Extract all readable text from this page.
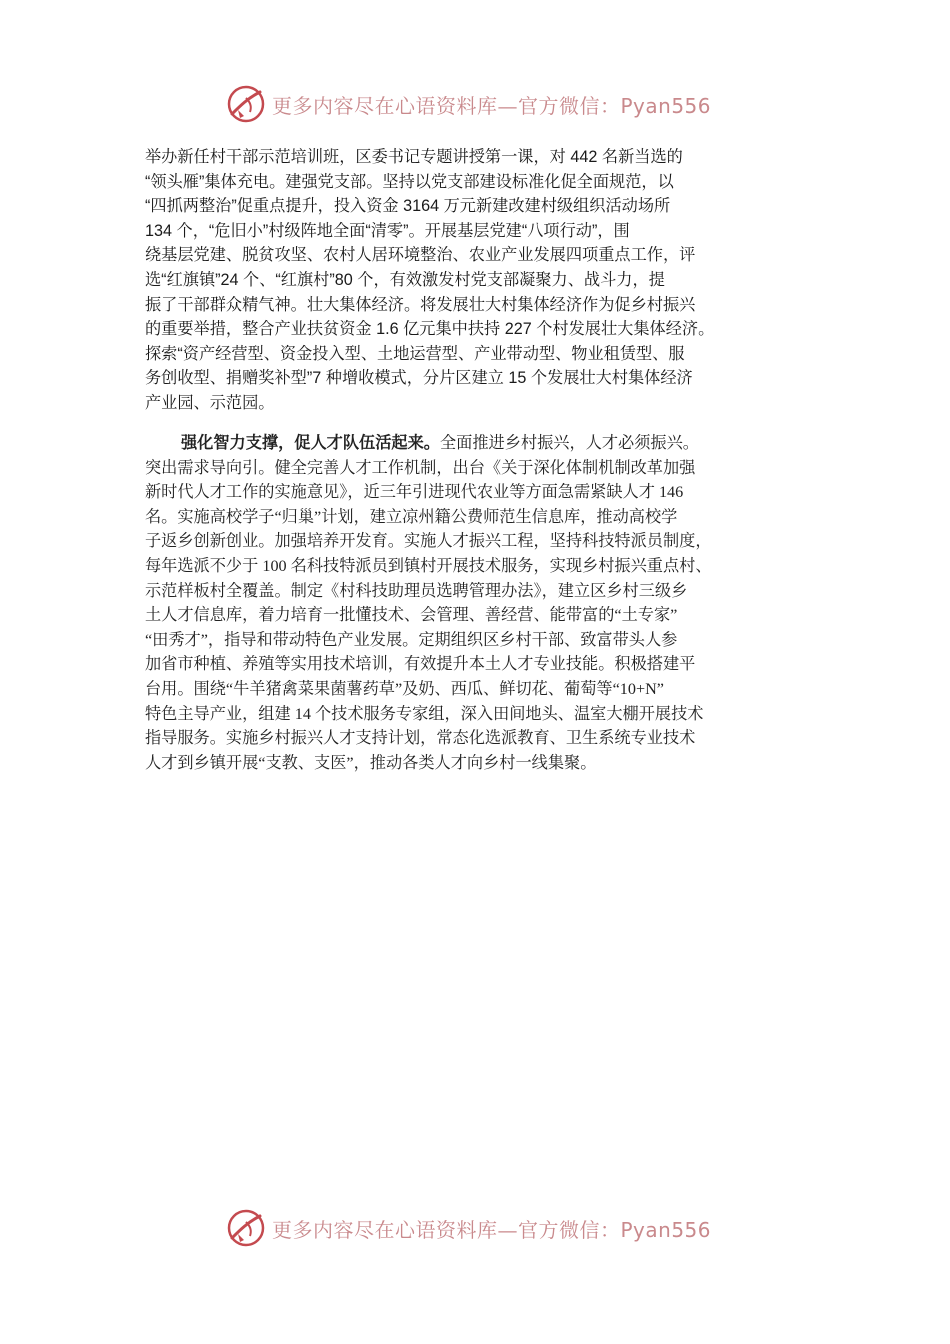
更多内容尽在心语资料库—官方微信：Pyan556
举办新任村干部示范培训班，区委书记专题讲授第一课，对 442 名新当选的
“领头雁”集体充电。建强党支部。坚持以党支部建设标准化促全面规范，以
“四抓两整治”促重点提升，投入资金 3164 万元新建改建村级组织活动场所
134 个，“危旧小”村级阵地全面“清零”。开展基层党建“八项行动”，围
绕基层党建、脱贫攻坚、农村人居环境整治、农业产业发展四项重点工作，评
选“红旗镇”24 个、“红旗村”80 个，有效激发村党支部凝聚力、战斗力，提
振了干部群众精气神。壮大集体经济。将发展壮大村集体经济作为促乡村振兴
的重要举措，整合产业扶贫资金 1.6 亿元集中扶持 227 个村发展壮大集体经济。
探索“资产经营型、资金投入型、土地运营型、产业带动型、物业租赁型、服
务创收型、捐赠奖补型”7 种增收模式，分片区建立 15 个发展壮大村集体经济
产业园、示范园。
强化智力支撑，促人才队伍活起来。全面推进乡村振兴，人才必须振兴。
突出需求导向引。健全完善人才工作机制，出台《关于深化体制机制改革加强
新时代人才工作的实施意见》，近三年引进现代农业等方面急需紧缺人才 146
名。实施高校学子“归巢”计划，建立凉州籍公费师范生信息库，推动高校学
子返乡创新创业。加强培养开发育。实施人才振兴工程，坚持科技特派员制度，
每年选派不少于 100 名科技特派员到镇村开展技术服务，实现乡村振兴重点村、
示范样板村全覆盖。制定《村科技助理员选聘管理办法》，建立区乡村三级乡
土人才信息库，着力培育一批懂技术、会管理、善经营、能带富的“土专家”
“田秀才”，指导和带动特色产业发展。定期组织区乡村干部、致富带头人参
加省市种植、养殖等实用技术培训，有效提升本土人才专业技能。积极搭建平
台用。围绕“牛羊猪禽菜果菌薯药草”及奶、西瓜、鲜切花、葡萄等“10+N”
特色主导产业，组建 14 个技术服务专家组，深入田间地头、温室大棚开展技术
指导服务。实施乡村振兴人才支持计划，常态化选派教育、卫生系统专业技术
人才到乡镇开展“支教、支医”，推动各类人才向乡村一线集聚。
更多内容尽在心语资料库—官方微信：Pyan556
